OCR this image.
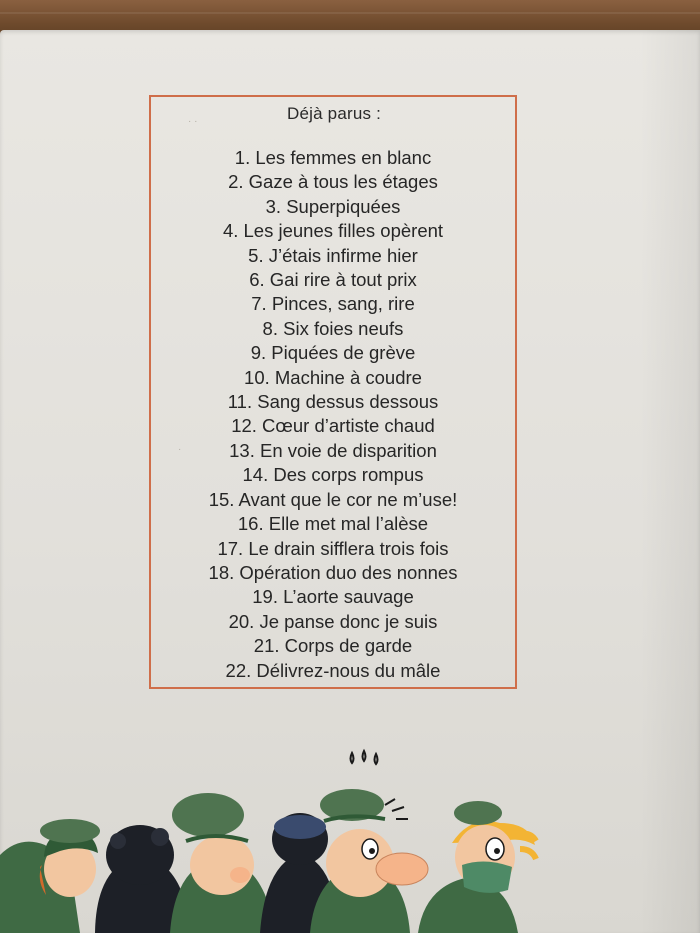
Déjà parus :
1. Les femmes en blanc
2. Gaze à tous les étages
3. Superpiquées
4. Les jeunes filles opèrent
5. J’étais infirme hier
6. Gai rire à tout prix
7. Pinces, sang, rire
8. Six foies neufs
9. Piquées de grève
10. Machine à coudre
11. Sang dessus dessous
12. Cœur d’artiste chaud
13. En voie de disparition
14. Des corps rompus
15. Avant que le cor ne m’use!
16. Elle met mal l’alèse
17. Le drain sifflera trois fois
18. Opération duo des nonnes
19. L’aorte sauvage
20. Je panse donc je suis
21. Corps de garde
22. Délivrez-nous du mâle
· ·
·
